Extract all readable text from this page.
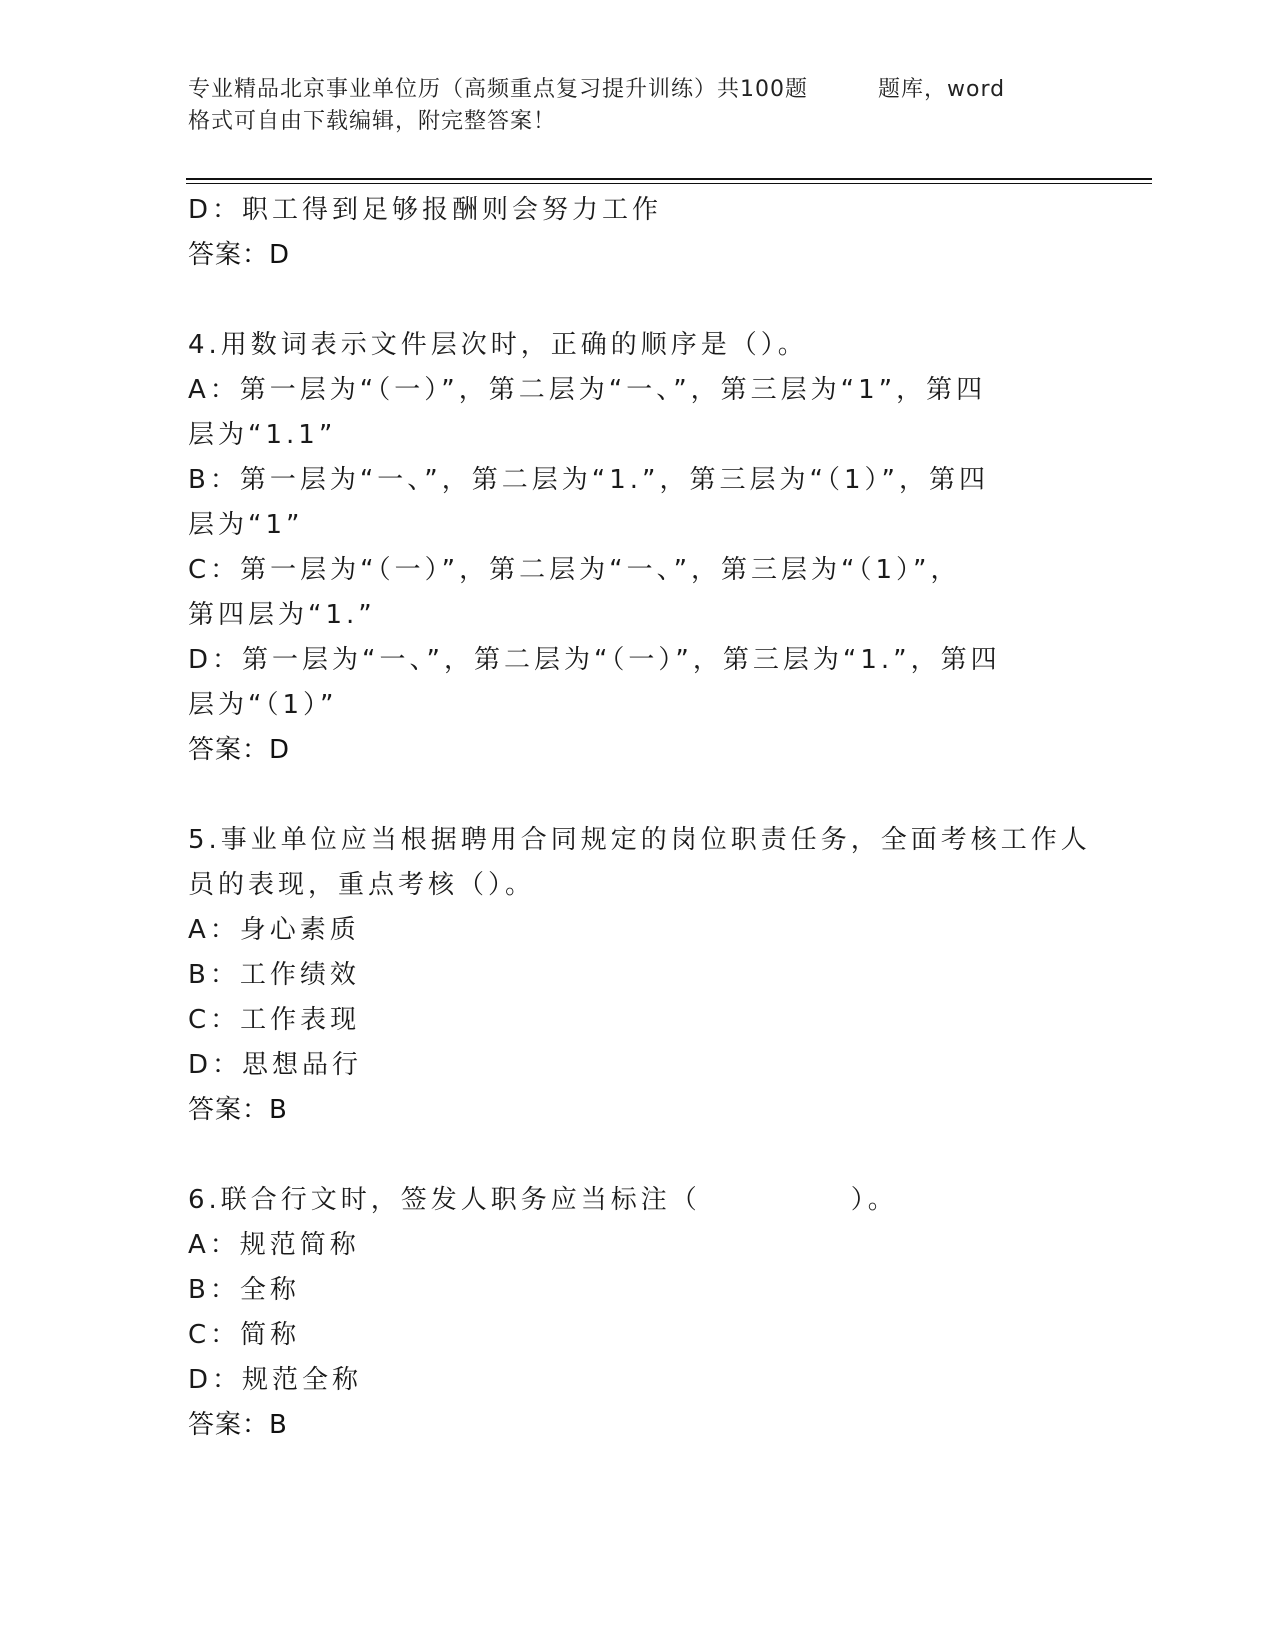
专业精品北京事业单位历（高频重点复习提升训练）共100题	题库，word
格式可自由下载编辑，附完整答案！
D：职工得到足够报酬则会努力工作
答案：D
4.用数词表示文件层次时，正确的顺序是（）。
A：第一层为“（一）”，第二层为“一、”，第三层为“1”，第四
层为“1.1”
B：第一层为“一、”，第二层为“1.”，第三层为“（1）”，第四
层为“1”
C：第一层为“（一）”，第二层为“一、”，第三层为“（1）”，
第四层为“1.”
D：第一层为“一、”，第二层为“（一）”，第三层为“1.”，第四
层为“（1）”
答案：D
5.事业单位应当根据聘用合同规定的岗位职责任务，全面考核工作人
员的表现，重点考核（）。
A：身心素质
B：工作绩效
C：工作表现
D：思想品行
答案：B
6.联合行文时，签发人职务应当标注（　　　　　）。
A：规范简称
B：全称
C：简称
D：规范全称
答案：B
